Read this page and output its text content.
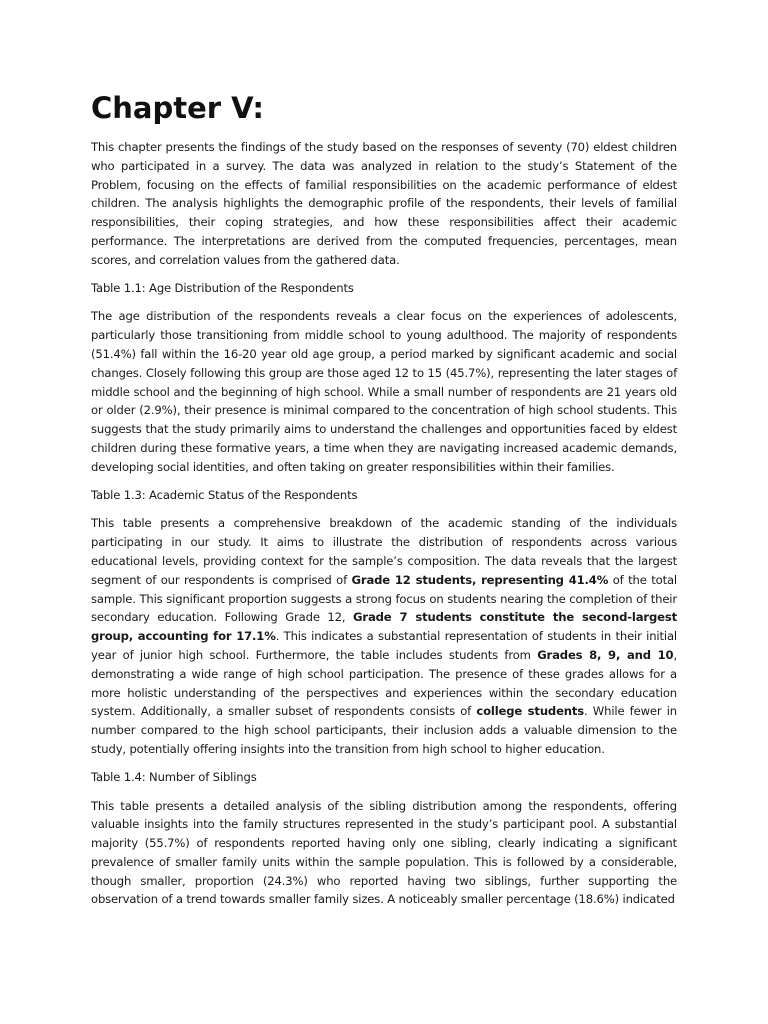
Chapter V:

This chapter presents the findings of the study based on the responses of seventy (70) eldest children who participated in a survey. The data was analyzed in relation to the study’s Statement of the Problem, focusing on the effects of familial responsibilities on the academic performance of eldest children. The analysis highlights the demographic profile of the respondents, their levels of familial responsibilities, their coping strategies, and how these responsibilities affect their academic performance. The interpretations are derived from the computed frequencies, percentages, mean scores, and correlation values from the gathered data.

Table 1.1: Age Distribution of the Respondents

The age distribution of the respondents reveals a clear focus on the experiences of adolescents, particularly those transitioning from middle school to young adulthood. The majority of respondents (51.4%) fall within the 16-20 year old age group, a period marked by significant academic and social changes. Closely following this group are those aged 12 to 15 (45.7%), representing the later stages of middle school and the beginning of high school. While a small number of respondents are 21 years old or older (2.9%), their presence is minimal compared to the concentration of high school students. This suggests that the study primarily aims to understand the challenges and opportunities faced by eldest children during these formative years, a time when they are navigating increased academic demands, developing social identities, and often taking on greater responsibilities within their families.

Table 1.3: Academic Status of the Respondents

This table presents a comprehensive breakdown of the academic standing of the individuals participating in our study. It aims to illustrate the distribution of respondents across various educational levels, providing context for the sample’s composition. The data reveals that the largest segment of our respondents is comprised of Grade 12 students, representing 41.4% of the total sample. This significant proportion suggests a strong focus on students nearing the completion of their secondary education. Following Grade 12, Grade 7 students constitute the second-largest group, accounting for 17.1%. This indicates a substantial representation of students in their initial year of junior high school. Furthermore, the table includes students from Grades 8, 9, and 10, demonstrating a wide range of high school participation. The presence of these grades allows for a more holistic understanding of the perspectives and experiences within the secondary education system. Additionally, a smaller subset of respondents consists of college students. While fewer in number compared to the high school participants, their inclusion adds a valuable dimension to the study, potentially offering insights into the transition from high school to higher education.

Table 1.4: Number of Siblings

This table presents a detailed analysis of the sibling distribution among the respondents, offering valuable insights into the family structures represented in the study’s participant pool. A substantial majority (55.7%) of respondents reported having only one sibling, clearly indicating a significant prevalence of smaller family units within the sample population. This is followed by a considerable, though smaller, proportion (24.3%) who reported having two siblings, further supporting the observation of a trend towards smaller family sizes. A noticeably smaller percentage (18.6%) indicated
